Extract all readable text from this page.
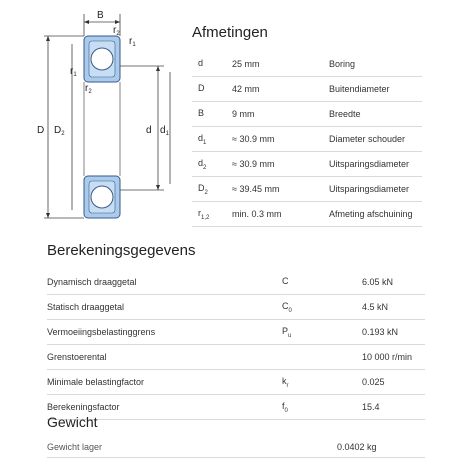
B
$r_2$
$r_1$
$r_1$
$r_2$
D $D_2$	d $d_1$
Afmetingen
d	25 mm	Boring
D	42 mm	Buitendiameter
B	9 mm	Breedte
$d_1$	≈ 30.9 mm	Diameter schouder
$d_2$	≈ 30.9 mm	Uitsparingsdiameter
$D_2$	≈ 39.45 mm	Uitsparingsdiameter
$r_{1,2}$	min. 0.3 mm	Afmeting afschuining
Berekeningsgegevens
Dynamisch draaggetal	C	6.05 kN
Statisch draaggetal	$C_0$	4.5 kN
Vermoeiingsbelastinggrens	$P_u$	0.193 kN
Grenstoerental		10 000 r/min
Minimale belastingfactor	$k_r$	0.025
Berekeningsfactor	$f_0$	15.4
Gewicht
Gewicht lager	0.0402 kg
